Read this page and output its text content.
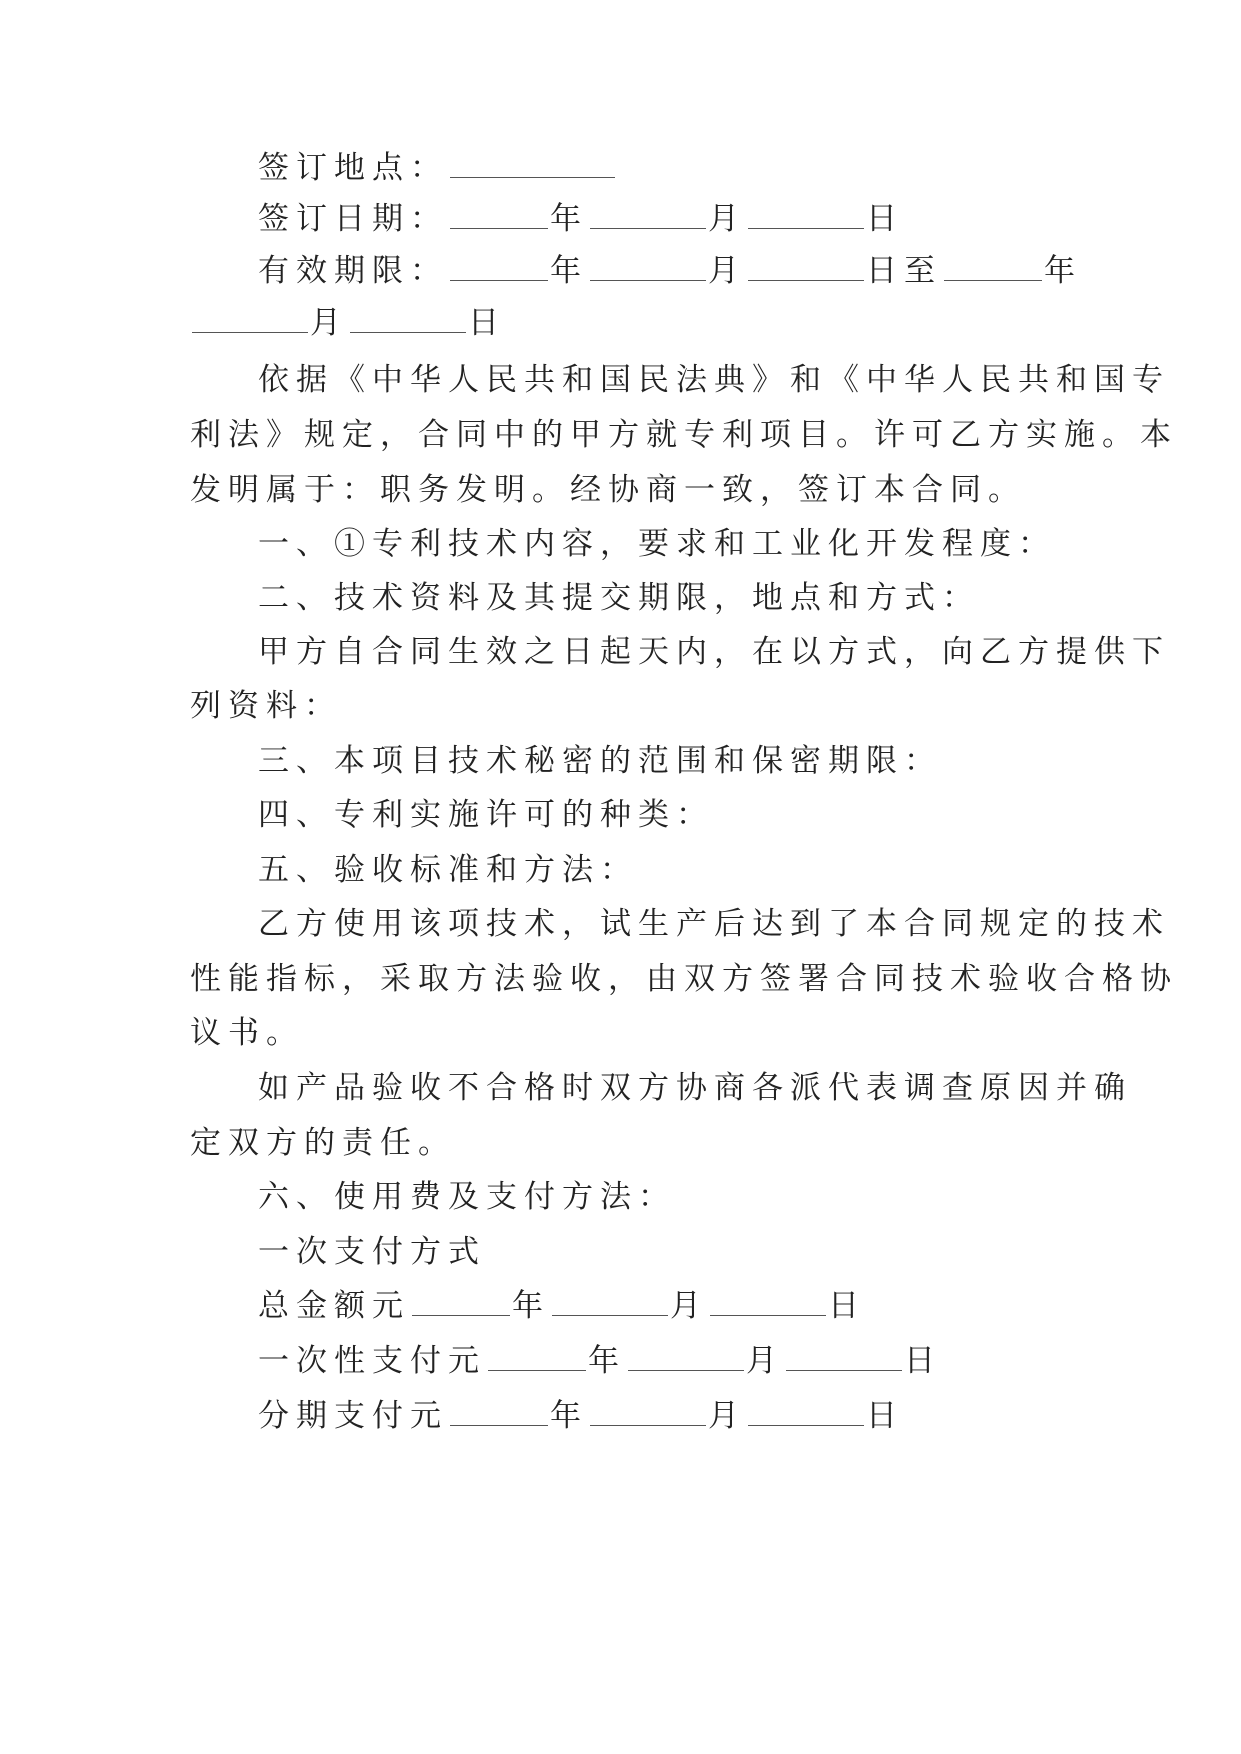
签订地点：
签订日期：	年	月	日
有效期限：	年	月	日至	年
月	日
依据《中华人民共和国民法典》和《中华人民共和国专
利法》规定，合同中的甲方就专利项目。许可乙方实施。本
发明属于：职务发明。经协商一致，签订本合同。
一、①专利技术内容，要求和工业化开发程度：
二、技术资料及其提交期限，地点和方式：
甲方自合同生效之日起天内，在以方式，向乙方提供下
列资料：
三、本项目技术秘密的范围和保密期限：
四、专利实施许可的种类：
五、验收标准和方法：
乙方使用该项技术，试生产后达到了本合同规定的技术
性能指标，采取方法验收，由双方签署合同技术验收合格协
议书。
如产品验收不合格时双方协商各派代表调查原因并确
定双方的责任。
六、使用费及支付方法：
一次支付方式
总金额元	年	月	日
一次性支付元	年	月	日
分期支付元	年	月	日
